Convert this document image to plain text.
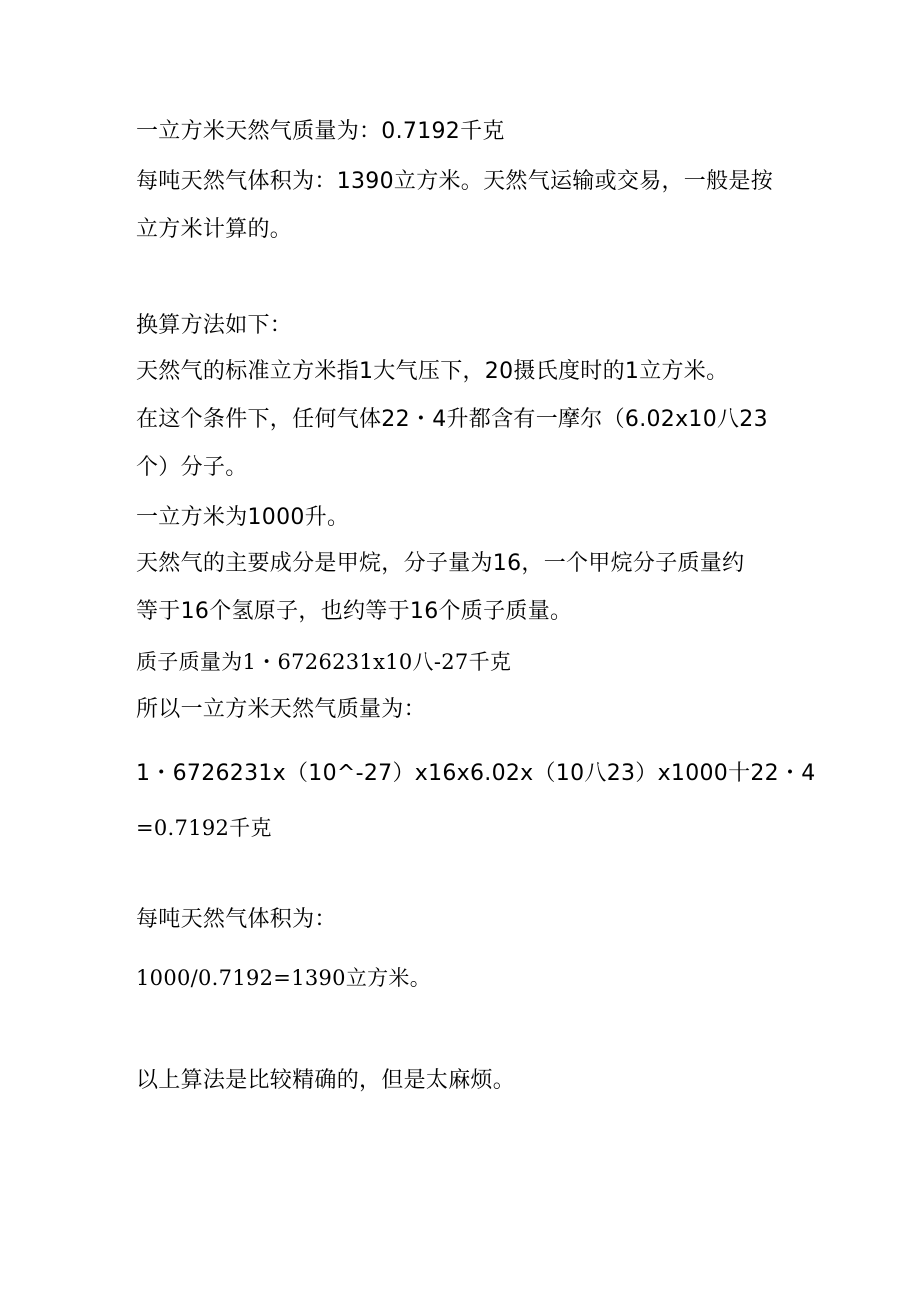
一立方米天然气质量为：0.7192千克
每吨天然气体积为：1390立方米。天然气运输或交易，一般是按
立方米计算的。
换算方法如下：
天然气的标准立方米指1大气压下，20摄氏度时的1立方米。
在这个条件下，任何气体22・4升都含有一摩尔（6.02x10八23
个）分子。
一立方米为1000升。
天然气的主要成分是甲烷，分子量为16，一个甲烷分子质量约
等于16个氢原子，也约等于16个质子质量。
质子质量为1・6726231x10八-27千克
所以一立方米天然气质量为：
1・6726231x（10^-27）x16x6.02x（10八23）x1000十22・4
=0.7192千克
每吨天然气体积为：
1000/0.7192=1390立方米。
以上算法是比较精确的，但是太麻烦。
